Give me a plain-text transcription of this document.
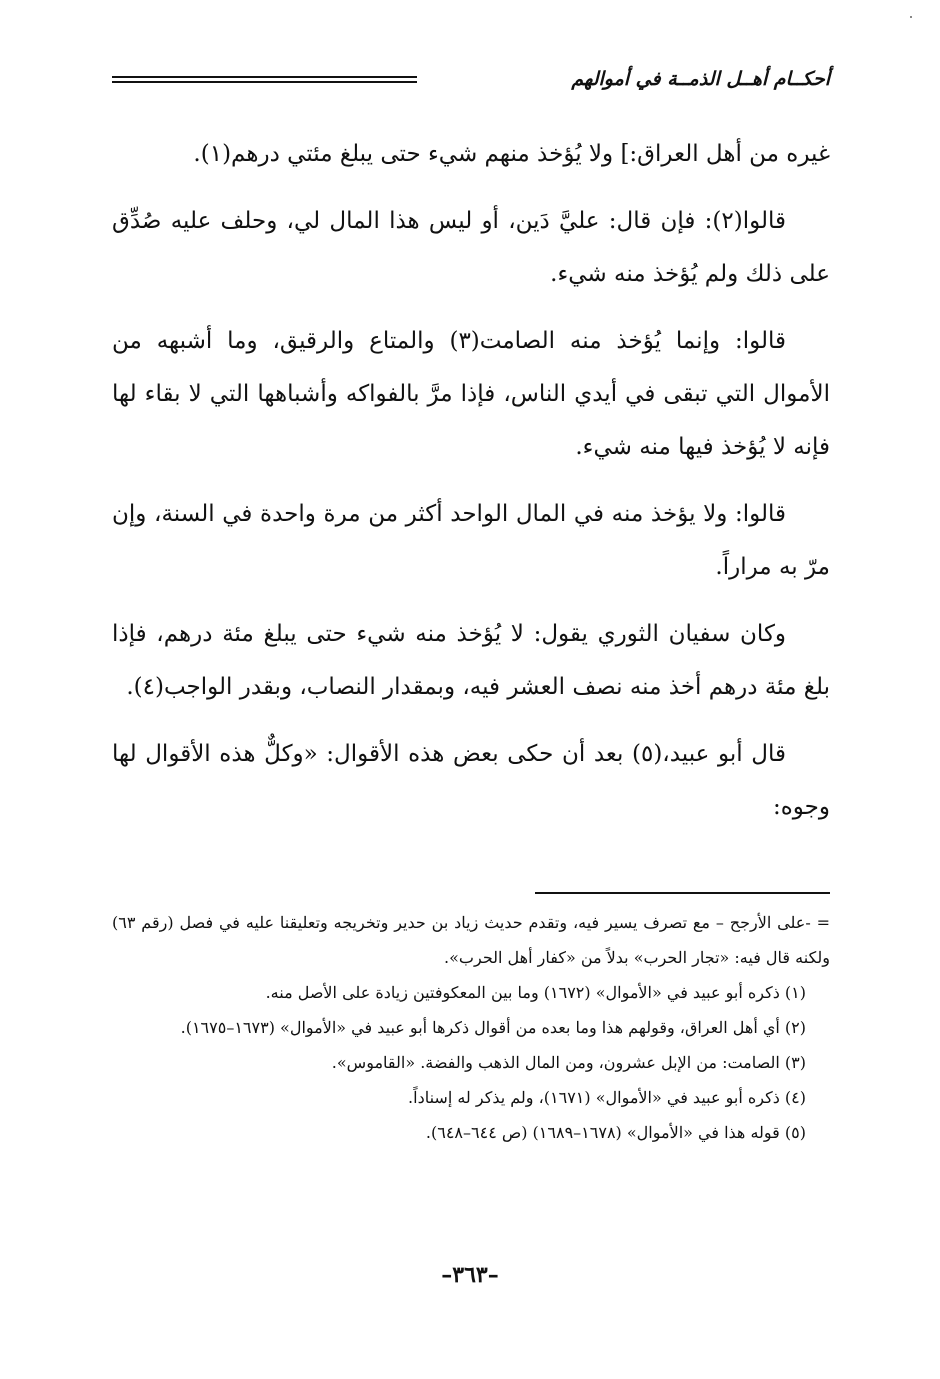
أحكــام أهــل الذمــة في أموالهم

غيره من أهل العراق:] ولا يُؤخذ منهم شيء حتى يبلغ مئتي درهم(١).

قالوا(٢): فإن قال: عليَّ دَين، أو ليس هذا المال لي، وحلف عليه صُدِّق على ذلك ولم يُؤخذ منه شيء.

قالوا: وإنما يُؤخذ منه الصامت(٣) والمتاع والرقيق، وما أشبهه من الأموال التي تبقى في أيدي الناس، فإذا مرَّ بالفواكه وأشباهها التي لا بقاء لها فإنه لا يُؤخذ فيها منه شيء.

قالوا: ولا يؤخذ منه في المال الواحد أكثر من مرة واحدة في السنة، وإن مرّ به مراراً.

وكان سفيان الثوري يقول: لا يُؤخذ منه شيء حتى يبلغ مئة درهم، فإذا بلغ مئة درهم أخذ منه نصف العشر فيه، وبمقدار النصاب، وبقدر الواجب(٤).

قال أبو عبيد،(٥) بعد أن حكى بعض هذه الأقوال: «وكلٌّ هذه الأقوال لها وجوه:

= -على الأرجح – مع تصرف يسير فيه، وتقدم حديث زياد بن حدير وتخريجه وتعليقنا عليه في فصل (رقم ٦٣) ولكنه قال فيه: «تجار الحرب» بدلاً من «كفار أهل الحرب».

(١) ذكره أبو عبيد في «الأموال» (١٦٧٢) وما بين المعكوفتين زيادة على الأصل منه.

(٢) أي أهل العراق، وقولهم هذا وما بعده من أقوال ذكرها أبو عبيد في «الأموال» (١٦٧٣–١٦٧٥).

(٣) الصامت: من الإبل عشرون، ومن المال الذهب والفضة. «القاموس».

(٤) ذكره أبو عبيد في «الأموال» (١٦٧١)، ولم يذكر له إسناداً.

(٥) قوله هذا في «الأموال» (١٦٧٨–١٦٨٩) (ص ٦٤٤–٦٤٨).

–٣٦٣–
